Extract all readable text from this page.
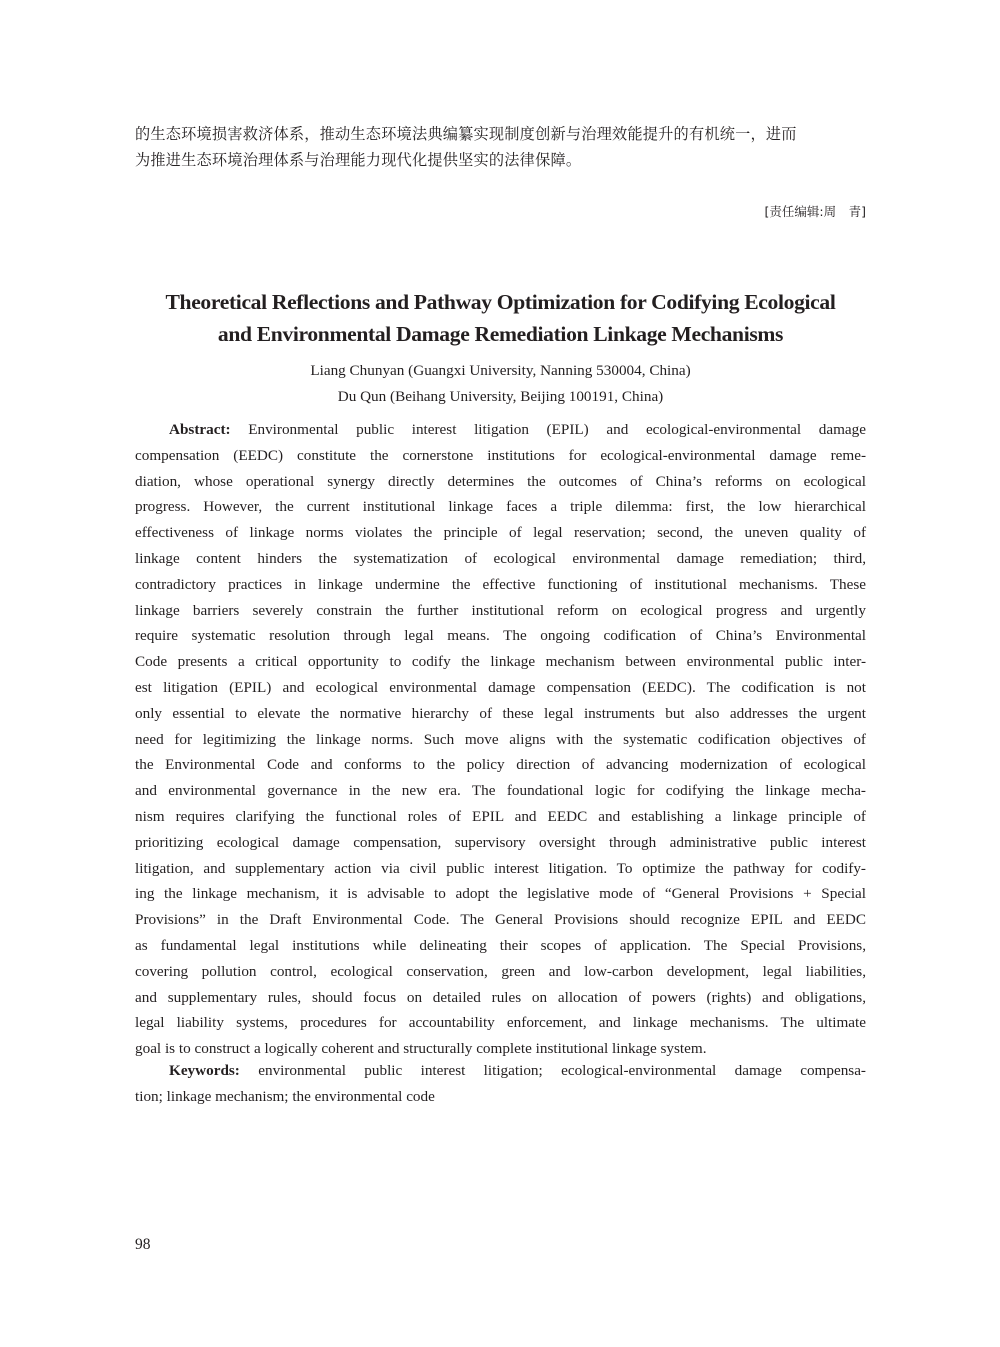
的生态环境损害救济体系，推动生态环境法典编纂实现制度创新与治理效能提升的有机统一，进而
为推进生态环境治理体系与治理能力现代化提供坚实的法律保障。
[责任编辑:周　青]
Theoretical Reflections and Pathway Optimization for Codifying Ecological
and Environmental Damage Remediation Linkage Mechanisms
Liang Chunyan (Guangxi University, Nanning 530004, China)
Du Qun (Beihang University, Beijing 100191, China)
Abstract: Environmental public interest litigation (EPIL) and ecological-environmental damage
compensation (EEDC) constitute the cornerstone institutions for ecological-environmental damage reme-
diation, whose operational synergy directly determines the outcomes of China’s reforms on ecological
progress. However, the current institutional linkage faces a triple dilemma: first, the low hierarchical
effectiveness of linkage norms violates the principle of legal reservation; second, the uneven quality of
linkage content hinders the systematization of ecological environmental damage remediation; third,
contradictory practices in linkage undermine the effective functioning of institutional mechanisms. These
linkage barriers severely constrain the further institutional reform on ecological progress and urgently
require systematic resolution through legal means. The ongoing codification of China’s Environmental
Code presents a critical opportunity to codify the linkage mechanism between environmental public inter-
est litigation (EPIL) and ecological environmental damage compensation (EEDC). The codification is not
only essential to elevate the normative hierarchy of these legal instruments but also addresses the urgent
need for legitimizing the linkage norms. Such move aligns with the systematic codification objectives of
the Environmental Code and conforms to the policy direction of advancing modernization of ecological
and environmental governance in the new era. The foundational logic for codifying the linkage mecha-
nism requires clarifying the functional roles of EPIL and EEDC and establishing a linkage principle of
prioritizing ecological damage compensation, supervisory oversight through administrative public interest
litigation, and supplementary action via civil public interest litigation. To optimize the pathway for codify-
ing the linkage mechanism, it is advisable to adopt the legislative mode of “General Provisions + Special
Provisions” in the Draft Environmental Code. The General Provisions should recognize EPIL and EEDC
as fundamental legal institutions while delineating their scopes of application. The Special Provisions,
covering pollution control, ecological conservation, green and low-carbon development, legal liabilities,
and supplementary rules, should focus on detailed rules on allocation of powers (rights) and obligations,
legal liability systems, procedures for accountability enforcement, and linkage mechanisms. The ultimate
goal is to construct a logically coherent and structurally complete institutional linkage system.
Keywords: environmental public interest litigation; ecological-environmental damage compensa-
tion; linkage mechanism; the environmental code
98
